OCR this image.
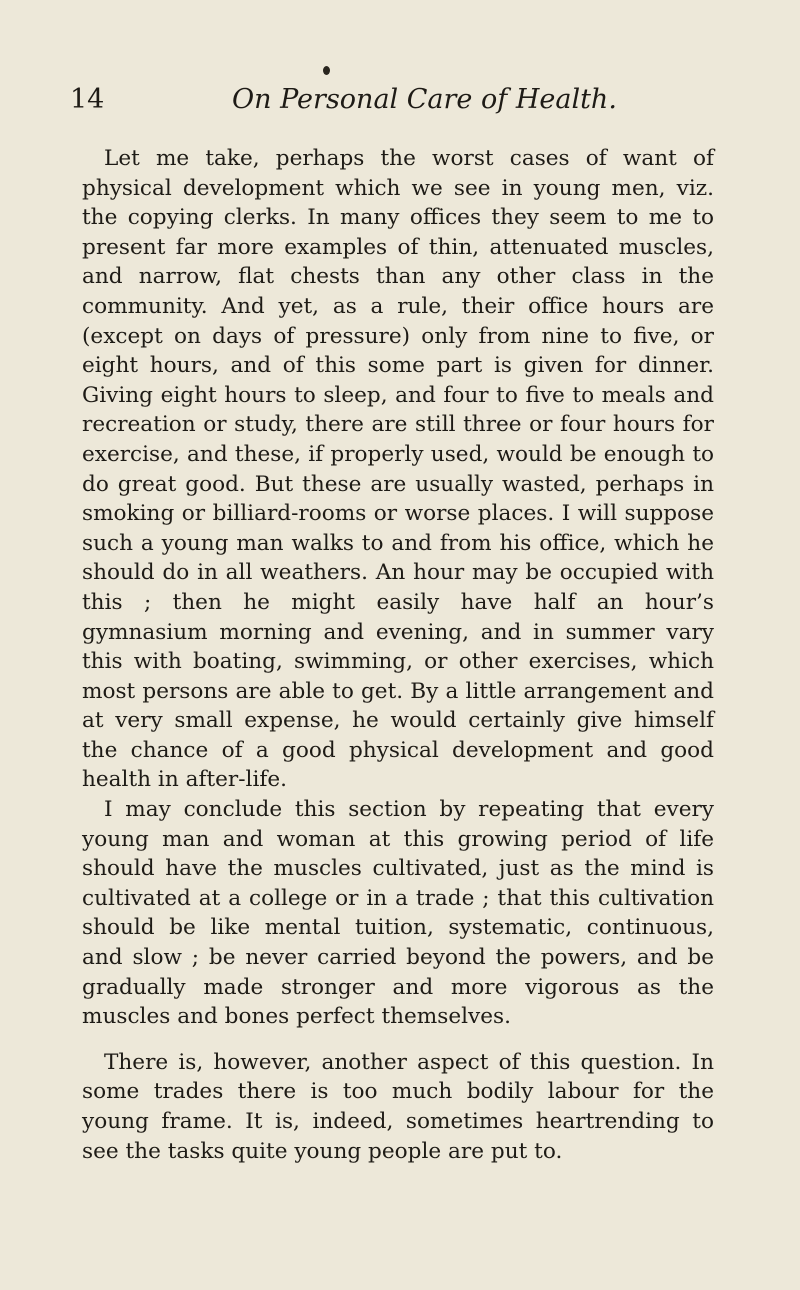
14	On Personal Care of Health.

Let me take, perhaps the worst cases of want of physical development which we see in young men, viz. the copying clerks. In many offices they seem to me to present far more examples of thin, attenuated muscles, and narrow, flat chests than any other class in the community. And yet, as a rule, their office hours are (except on days of pressure) only from nine to five, or eight hours, and of this some part is given for dinner. Giving eight hours to sleep, and four to five to meals and recreation or study, there are still three or four hours for exercise, and these, if properly used, would be enough to do great good. But these are usually wasted, perhaps in smoking or billiard-rooms or worse places. I will suppose such a young man walks to and from his office, which he should do in all weathers. An hour may be occupied with this ; then he might easily have half an hour’s gymnasium morning and evening, and in summer vary this with boating, swimming, or other exercises, which most persons are able to get. By a little arrangement and at very small expense, he would certainly give himself the chance of a good physical development and good health in after-life.

I may conclude this section by repeating that every young man and woman at this growing period of life should have the muscles cultivated, just as the mind is cultivated at a college or in a trade ; that this cultivation should be like mental tuition, systematic, continuous, and slow ; be never carried beyond the powers, and be gradually made stronger and more vigorous as the muscles and bones perfect themselves.

There is, however, another aspect of this question. In some trades there is too much bodily labour for the young frame. It is, indeed, sometimes heartrending to see the tasks quite young people are put to.
